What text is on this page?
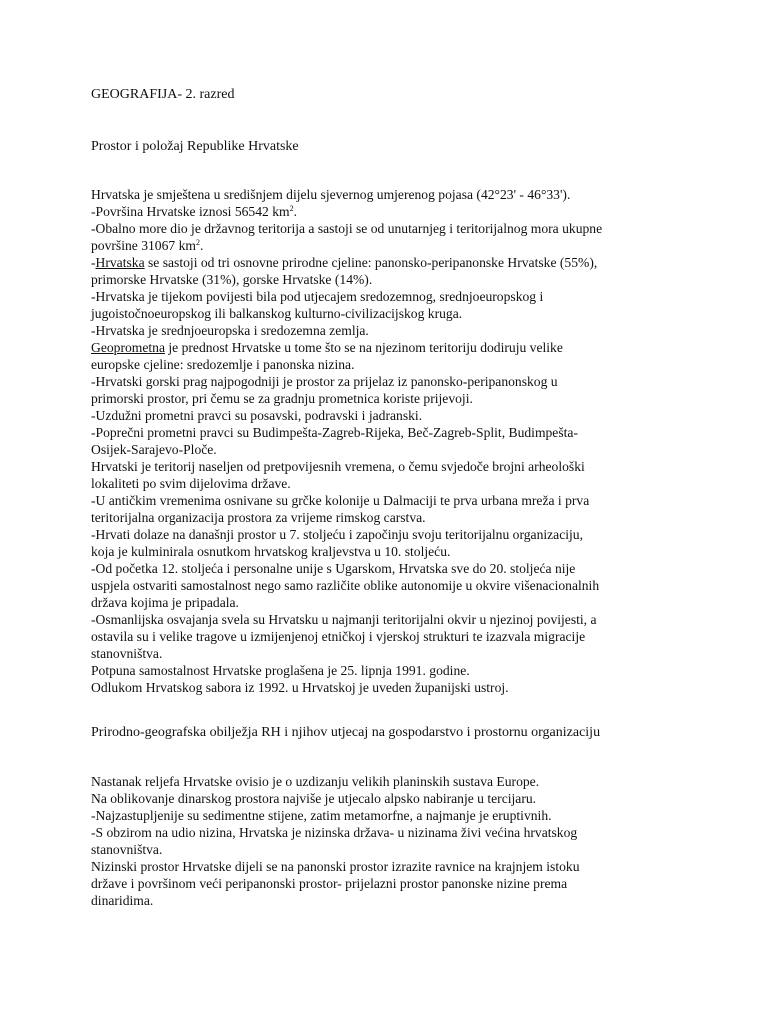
GEOGRAFIJA- 2. razred
Prostor i položaj Republike Hrvatske
Hrvatska je smještena u središnjem dijelu sjevernog umjerenog pojasa (42°23' - 46°33').
-Površina Hrvatske iznosi 56542 $km^2$.
-Obalno more dio je državnog teritorija a sastoji se od unutarnjeg i teritorijalnog mora ukupne
površine 31067 $km^2$.
-Hrvatska se sastoji od tri osnovne prirodne cjeline: panonsko-peripanonske Hrvatske (55%),
primorske Hrvatske (31%), gorske Hrvatske (14%).
-Hrvatska je tijekom povijesti bila pod utjecajem sredozemnog, srednjoeuropskog i
jugoistočnoeuropskog ili balkanskog kulturno-civilizacijskog kruga.
-Hrvatska je srednjoeuropska i sredozemna zemlja.
Geoprometna je prednost Hrvatske u tome što se na njezinom teritoriju dodiruju velike
europske cjeline: sredozemlje i panonska nizina.
-Hrvatski gorski prag najpogodniji je prostor za prijelaz iz panonsko-peripanonskog u
primorski prostor, pri čemu se za gradnju prometnica koriste prijevoji.
-Uzdužni prometni pravci su posavski, podravski i jadranski.
-Poprečni prometni pravci su Budimpešta-Zagreb-Rijeka, Beč-Zagreb-Split, Budimpešta-
Osijek-Sarajevo-Ploče.
Hrvatski je teritorij naseljen od pretpovijesnih vremena, o čemu svjedoče brojni arheološki
lokaliteti po svim dijelovima države.
-U antičkim vremenima osnivane su grčke kolonije u Dalmaciji te prva urbana mreža i prva
teritorijalna organizacija prostora za vrijeme rimskog carstva.
-Hrvati dolaze na današnji prostor u 7. stoljeću i započinju svoju teritorijalnu organizaciju,
koja je kulminirala osnutkom hrvatskog kraljevstva u 10. stoljeću.
-Od početka 12. stoljeća i personalne unije s Ugarskom, Hrvatska sve do 20. stoljeća nije
uspjela ostvariti samostalnost nego samo različite oblike autonomije u okvire višenacionalnih
država kojima je pripadala.
-Osmanlijska osvajanja svela su Hrvatsku u najmanji teritorijalni okvir u njezinoj povijesti, a
ostavila su i velike tragove u izmijenjenoj etničkoj i vjerskoj strukturi te izazvala migracije
stanovništva.
Potpuna samostalnost Hrvatske proglašena je 25. lipnja 1991. godine.
Odlukom Hrvatskog sabora iz 1992. u Hrvatskoj je uveden županijski ustroj.
Prirodno-geografska obilježja RH i njihov utjecaj na gospodarstvo i prostornu organizaciju
Nastanak reljefa Hrvatske ovisio je o uzdizanju velikih planinskih sustava Europe.
Na oblikovanje dinarskog prostora najviše je utjecalo alpsko nabiranje u tercijaru.
-Najzastupljenije su sedimentne stijene, zatim metamorfne, a najmanje je eruptivnih.
-S obzirom na udio nizina, Hrvatska je nizinska država- u nizinama živi većina hrvatskog
stanovništva.
Nizinski prostor Hrvatske dijeli se na panonski prostor izrazite ravnice na krajnjem istoku
države i površinom veći peripanonski prostor- prijelazni prostor panonske nizine prema
dinaridima.
